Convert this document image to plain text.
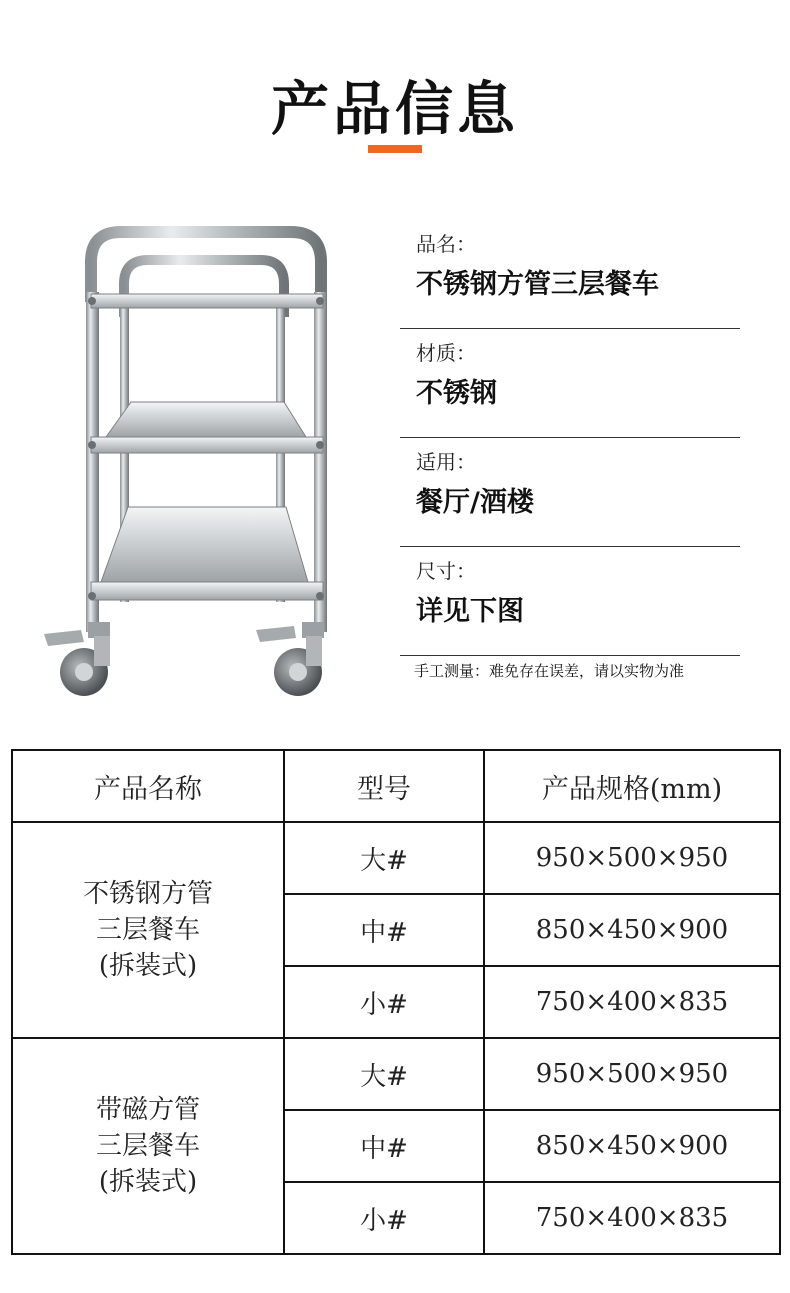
产品信息
品名：
不锈钢方管三层餐车
材质：
不锈钢
适用：
餐厅/酒楼
尺寸：
详见下图
手工测量：难免存在误差，请以实物为准
产品名称	型号	产品规格(mm)

不锈钢方管
三层餐车
(拆装式)	大#	950×500×950
	中#	850×450×900
	小#	750×400×835

带磁方管
三层餐车
(拆装式)	大#	950×500×950
	中#	850×450×900
	小#	750×400×835
